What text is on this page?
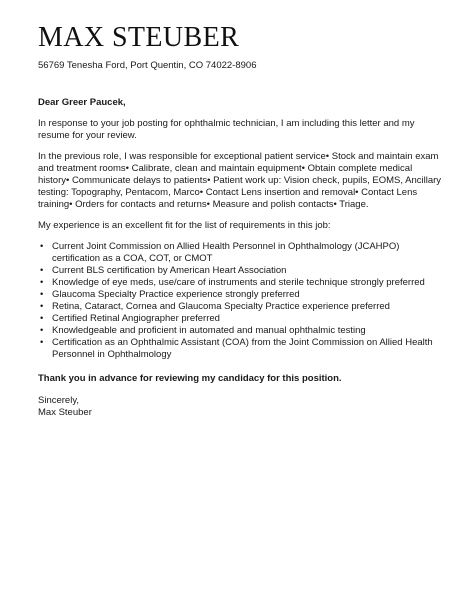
MAX STEUBER
56769 Tenesha Ford, Port Quentin, CO 74022-8906

Dear Greer Paucek,

In response to your job posting for ophthalmic technician, I am including this letter and my resume for your review.

In the previous role, I was responsible for exceptional patient service• Stock and maintain exam and treatment rooms• Calibrate, clean and maintain equipment• Obtain complete medical history• Communicate delays to patients• Patient work up: Vision check, pupils, EOMS, Ancillary testing: Topography, Pentacom, Marco• Contact Lens insertion and removal• Contact Lens training• Orders for contacts and returns• Measure and polish contacts• Triage.

My experience is an excellent fit for the list of requirements in this job:

• Current Joint Commission on Allied Health Personnel in Ophthalmology (JCAHPO) certification as a COA, COT, or CMOT
• Current BLS certification by American Heart Association
• Knowledge of eye meds, use/care of instruments and sterile technique strongly preferred
• Glaucoma Specialty Practice experience strongly preferred
• Retina, Cataract, Cornea and Glaucoma Specialty Practice experience preferred
• Certified Retinal Angiographer preferred
• Knowledgeable and proficient in automated and manual ophthalmic testing
• Certification as an Ophthalmic Assistant (COA) from the Joint Commission on Allied Health Personnel in Ophthalmology

Thank you in advance for reviewing my candidacy for this position.

Sincerely,

Max Steuber
